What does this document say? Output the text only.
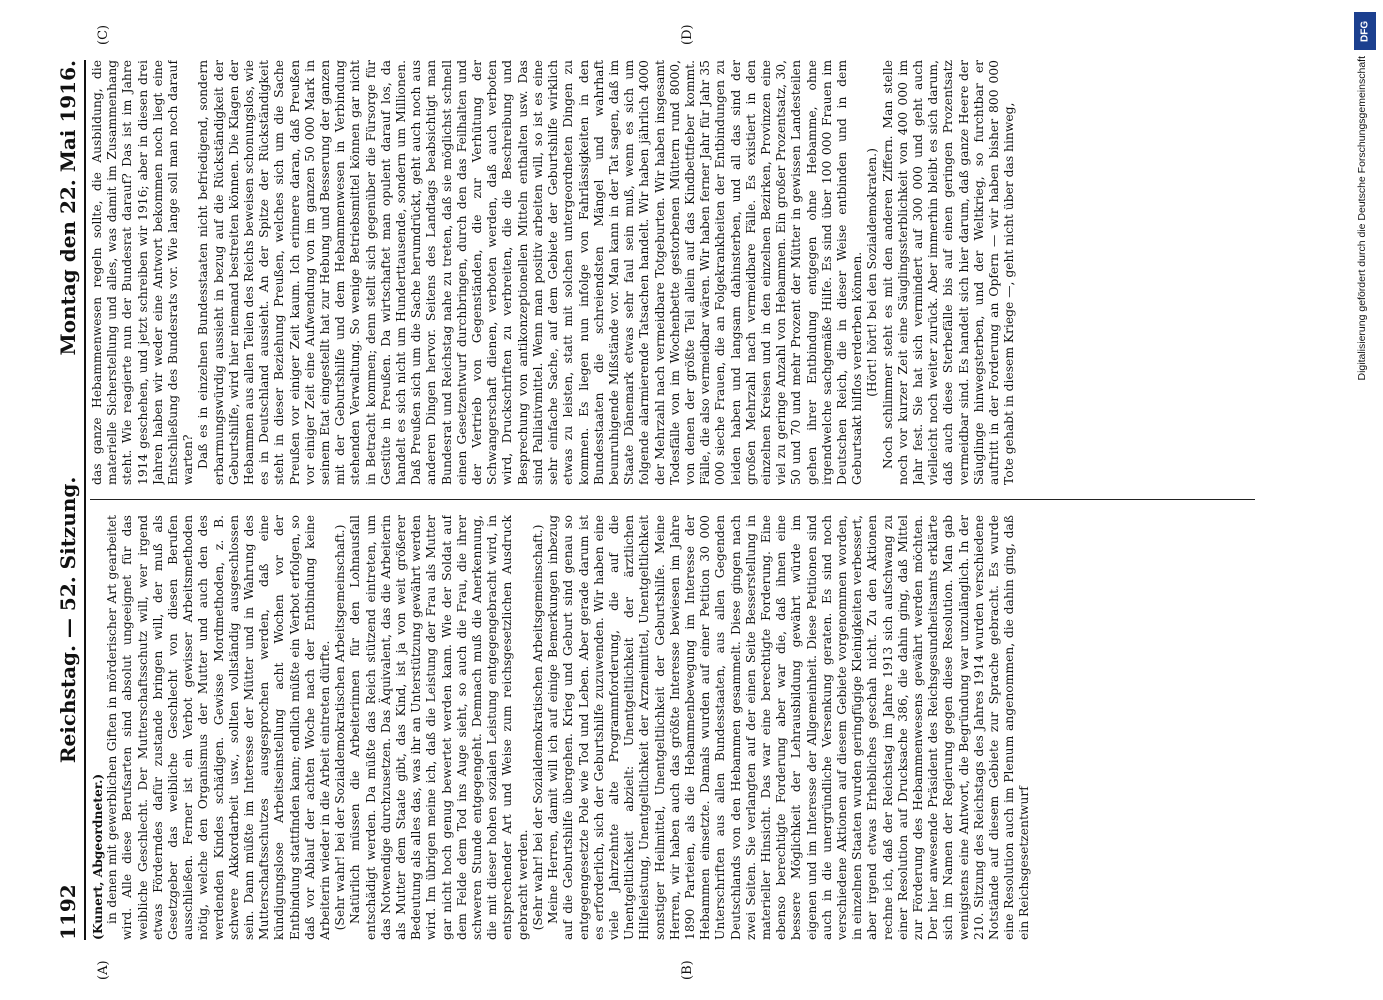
1192
Reichstag. — 52. Sitzung.
Montag den 22. Mai 1916.
(A)	(B)
(C)	(D)

(Kunert, Abgeordneter.) in denen mit gewerblichen Giften in mörderischer Art gearbeitet wird. Alle diese Berufsarten sind absolut ungeeignet für das weibliche Geschlecht. Der Mutterschaftsschutz will, wer irgend etwas Förderndes dafür zustande bringen will, der muß als Gesetzgeber das weibliche Geschlecht von diesen Berufen ausschließen. Ferner ist ein Verbot gewisser Arbeitsmethoden nötig, welche den Organismus der Mutter und auch den des werdenden Kindes schädigen. Gewisse Mordmethoden, z. B. schwere Akkordarbeit usw., sollten vollständig ausgeschlossen sein. Dann müßte im Interesse der Mütter und in Wahrung des Mutterschaftsschutzes ausgesprochen werden, daß eine kündigungslose Arbeitseinstellung acht Wochen vor der Entbindung stattfinden kann; endlich müßte ein Verbot erfolgen, so daß vor Ablauf der achten Woche nach der Entbindung keine Arbeiterin wieder in die Arbeit eintreten dürfte. (Sehr wahr! bei der Sozialdemokratischen Arbeitsgemeinschaft.) Natürlich müssen die Arbeiterinnen für den Lohnausfall entschädigt werden. Da müßte das Reich stützend eintreten, um das Notwendige durchzusetzen. Das Äquivalent, das die Arbeiterin als Mutter dem Staate gibt, das Kind, ist ja von weit größerer Bedeutung als alles das, was ihr an Unterstützung gewährt werden wird. Im übrigen meine ich, daß die Leistung der Frau als Mutter gar nicht hoch genug bewertet werden kann. Wie der Soldat auf dem Felde dem Tod ins Auge sieht, so auch die Frau, die ihrer schweren Stunde entgegengeht. Demnach muß die Anerkennung, die mit dieser hohen sozialen Leistung entgegengebracht wird, in entsprechender Art und Weise zum reichsgesetzlichen Ausdruck gebracht werden. (Sehr wahr! bei der Sozialdemokratischen Arbeitsgemeinschaft.) Meine Herren, damit will ich auf einige Bemerkungen inbezug auf die Geburtshilfe übergehen. Krieg und Geburt sind genau so entgegengesetzte Pole wie Tod und Leben. Aber gerade darum ist es erforderlich, sich der Geburtshilfe zuzuwenden. Wir haben eine viele Jahrzehnte alte Programmforderung, die auf die Unentgeltlichkeit abzielt: Unentgeltlichkeit der ärztlichen Hilfeleistung, Unentgeltlichkeit der Arzneimittel, Unentgeltlichkeit sonstiger Heilmittel, Unentgeltlichkeit der Geburtshilfe. Meine Herren, wir haben auch das größte Interesse bewiesen im Jahre 1890 Parteien, als die Hebammenbewegung im Interesse der Hebammen einsetzte. Damals wurden auf einer Petition 30 000 Unterschriften aus allen Bundesstaaten, aus allen Gegenden Deutschlands von den Hebammen gesammelt. Diese gingen nach zwei Seiten. Sie verlangten auf der einen Seite Besserstellung in materieller Hinsicht. Das war eine berechtigte Forderung. Eine ebenso berechtigte Forderung aber war die, daß ihnen eine bessere Möglichkeit der Lehrausbildung gewährt würde im eigenen und im Interesse der Allgemeinheit. Diese Petitionen sind auch in die unergründliche Versenkung geraten. Es sind noch verschiedene Aktionen auf diesem Gebiete vorgenommen worden, in einzelnen Staaten wurden geringfügige Kleinigkeiten verbessert, aber irgend etwas Erhebliches geschah nicht. Zu den Aktionen rechne ich, daß der Reichstag im Jahre 1913 sich aufschwang zu einer Resolution auf Drucksache 386, die dahin ging, daß Mittel zur Förderung des Hebammenwesens gewährt werden möchten. Der hier anwesende Präsident des Reichsgesundheitsamts erklärte sich im Namen der Regierung gegen diese Resolution. Man gab wenigstens eine Antwort, die Begründung war unzulänglich. In der 210. Sitzung des Reichstags des Jahres 1914 wurden verschiedene Notstände auf diesem Gebiete zur Sprache gebracht. Es wurde eine Resolution auch im Plenum angenommen, die dahin ging, daß ein Reichsgesetzentwurf

das ganze Hebammenwesen regeln sollte, die Ausbildung, die materielle Sicherstellung und alles, was damit im Zusammenhang steht. Wie reagierte nun der Bundesrat darauf? Das ist im Jahre 1914 geschehen, und jetzt schreiben wir 1916; aber in diesen drei Jahren haben wir weder eine Antwort bekommen noch liegt eine Entschließung des Bundesrats vor. Wie lange soll man noch darauf warten? Daß es in einzelnen Bundesstaaten nicht befriedigend, sondern erbarmungswürdig aussieht in bezug auf die Rückständigkeit der Geburtshilfe, wird hier niemand bestreiten können. Die Klagen der Hebammen aus allen Teilen des Reichs beweisen schonungslos, wie es in Deutschland aussieht. An der Spitze der Rückständigkeit steht in dieser Beziehung Preußen, welches sich um die Sache Preußen vor einiger Zeit kaum. Ich erinnere daran, daß Preußen vor einiger Zeit eine Aufwendung von im ganzen 50 000 Mark in seinem Etat eingestellt hat zur Hebung und Besserung der ganzen mit der Geburtshilfe und dem Hebammenwesen in Verbindung stehenden Verwaltung. So wenige Betriebsmittel können gar nicht in Betracht kommen; denn stellt sich gegenüber die Fürsorge für Gestüte in Preußen. Da wirtschaftet man opulent darauf los, da handelt es sich nicht um Hunderttausende, sondern um Millionen. Daß Preußen sich um die Sache herumdrückt, geht auch noch aus anderen Dingen hervor. Seitens des Landtags beabsichtigt man Bundesrat und Reichstag nahe zu treten, daß sie möglichst schnell einen Gesetzentwurf durchbringen, durch den das Feilhalten und der Vertrieb von Gegenständen, die zur Verhütung der Schwangerschaft dienen, verboten werden, daß auch verboten wird, Druckschriften zu verbreiten, die die Beschreibung und Besprechung von antikonzeptionellen Mitteln enthalten usw. Das sind Palliativmittel. Wenn man positiv arbeiten will, so ist es eine sehr einfache Sache, auf dem Gebiete der Geburtshilfe wirklich etwas zu leisten, statt mit solchen untergeordneten Dingen zu kommen. Es liegen nun infolge von Fahrlässigkeiten in den Bundesstaaten die schreiendsten Mängel und wahrhaft beunruhigende Mißstände vor. Man kann in der Tat sagen, daß im Staate Dänemark etwas sehr faul sein muß, wenn es sich um folgende alarmierende Tatsachen handelt. Wir haben jährlich 4000 der Mehrzahl nach vermeidbare Totgeburten. Wir haben insgesamt Todesfälle von im Wochenbette gestorbenen Müttern rund 8000, von denen der größte Teil allein auf das Kindbettfieber kommt. Fälle, die also vermeidbar wären. Wir haben ferner Jahr für Jahr 35 000 sieche Frauen, die an Folgekrankheiten der Entbindungen zu leiden haben und langsam dahinsterben, und all das sind der großen Mehrzahl nach vermeidbare Fälle. Es existiert in den einzelnen Kreisen und in den einzelnen Bezirken, Provinzen eine viel zu geringe Anzahl von Hebammen. Ein großer Prozentsatz, 30, 50 und 70 und mehr Prozent der Mütter in gewissen Landesteilen gehen ihrer Entbindung entgegen ohne Hebamme, ohne irgendwelche sachgemäße Hilfe. Es sind über 100 000 Frauen im Deutschen Reich, die in dieser Weise entbinden und in dem Geburtsakt hilflos verderben können. (Hört! hört! bei den Sozialdemokraten.) Noch schlimmer steht es mit den anderen Ziffern. Man stelle noch vor kurzer Zeit eine Säuglingssterblichkeit von 400 000 im Jahr fest. Sie hat sich vermindert auf 300 000 und geht auch vielleicht noch weiter zurück. Aber immerhin bleibt es sich darum, daß auch diese Sterbefälle bis auf einen geringen Prozentsatz vermeidbar sind. Es handelt sich hier darum, daß ganze Heere der Säuglinge hinwegsterben, und der Weltkrieg, so furchtbar er auftritt in der Forderung an Opfern — wir haben bisher 800 000 Tote gehabt in diesem Kriege —, geht nicht über das hinweg,

DFG
Digitalisierung gefördert durch die Deutsche Forschungsgemeinschaft
